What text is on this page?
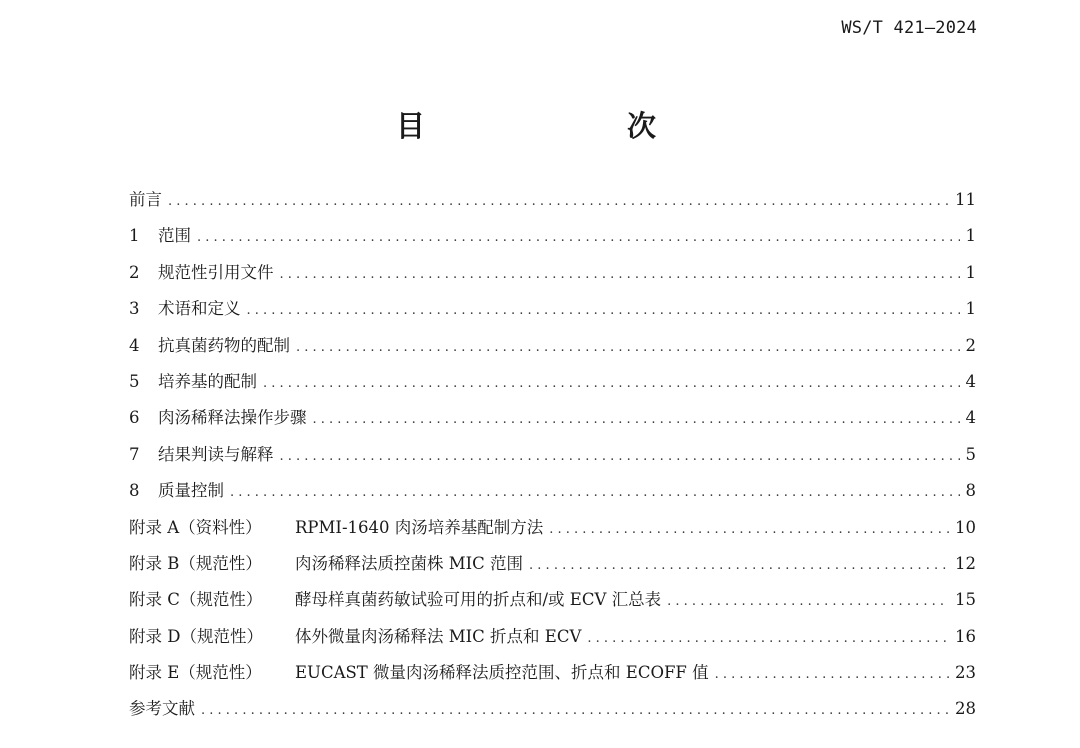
WS/T 421—2024
目　　次
前言 . . .	11
1	范围 . . .	1
2	规范性引用文件 . . .	1
3	术语和定义 . . .	1
4	抗真菌药物的配制 . . .	2
5	培养基的配制 . . .	4
6	肉汤稀释法操作步骤 . . .	4
7	结果判读与解释 . . .	5
8	质量控制 . . .	8
附录 A（资料性）	RPMI-1640 肉汤培养基配制方法 . . .	10
附录 B（规范性）	肉汤稀释法质控菌株 MIC 范围 . . .	12
附录 C（规范性）	酵母样真菌药敏试验可用的折点和/或 ECV 汇总表 . . .	15
附录 D（规范性）	体外微量肉汤稀释法 MIC 折点和 ECV . . .	16
附录 E（规范性）	EUCAST 微量肉汤稀释法质控范围、折点和 ECOFF 值 . . .	23
参考文献 . . .	28
